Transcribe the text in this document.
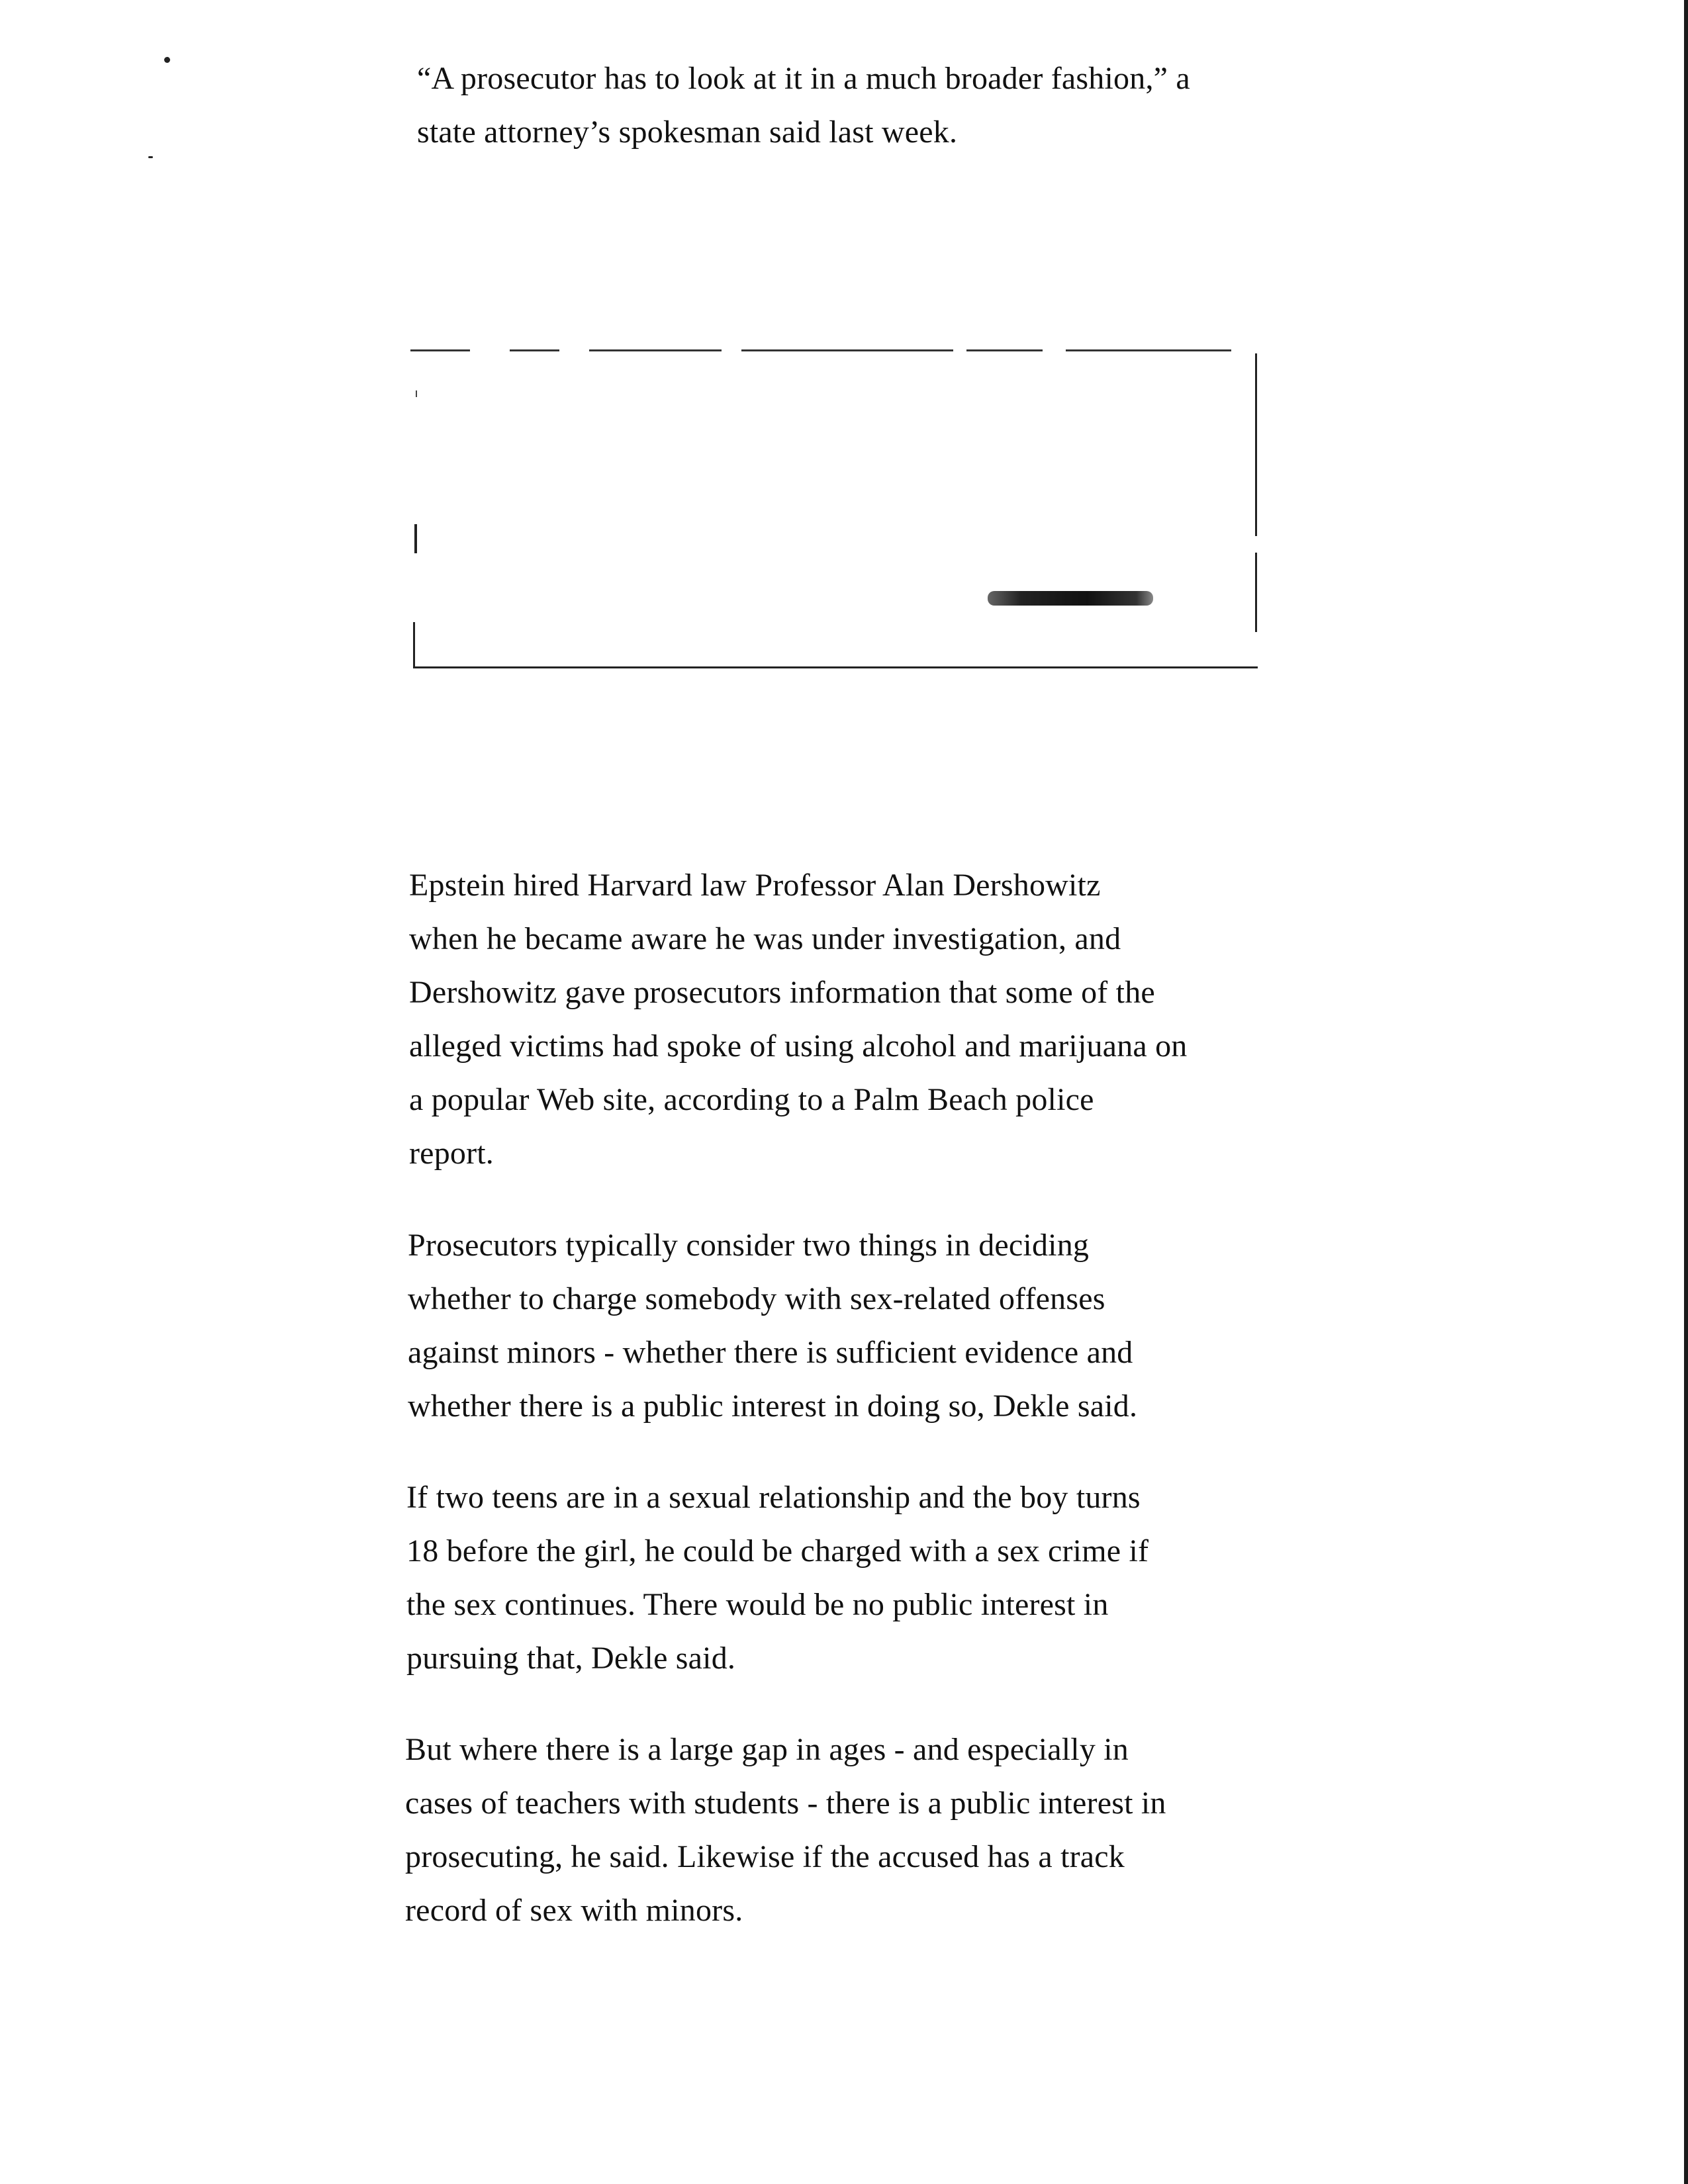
“A prosecutor has to look at it in a much broader fashion,” a
state attorney’s spokesman said last week.

Epstein hired Harvard law Professor Alan Dershowitz
when he became aware he was under investigation, and
Dershowitz gave prosecutors information that some of the
alleged victims had spoke of using alcohol and marijuana on
a popular Web site, according to a Palm Beach police
report.

Prosecutors typically consider two things in deciding
whether to charge somebody with sex-related offenses
against minors - whether there is sufficient evidence and
whether there is a public interest in doing so, Dekle said.

If two teens are in a sexual relationship and the boy turns
18 before the girl, he could be charged with a sex crime if
the sex continues. There would be no public interest in
pursuing that, Dekle said.

But where there is a large gap in ages - and especially in
cases of teachers with students - there is a public interest in
prosecuting, he said. Likewise if the accused has a track
record of sex with minors.
